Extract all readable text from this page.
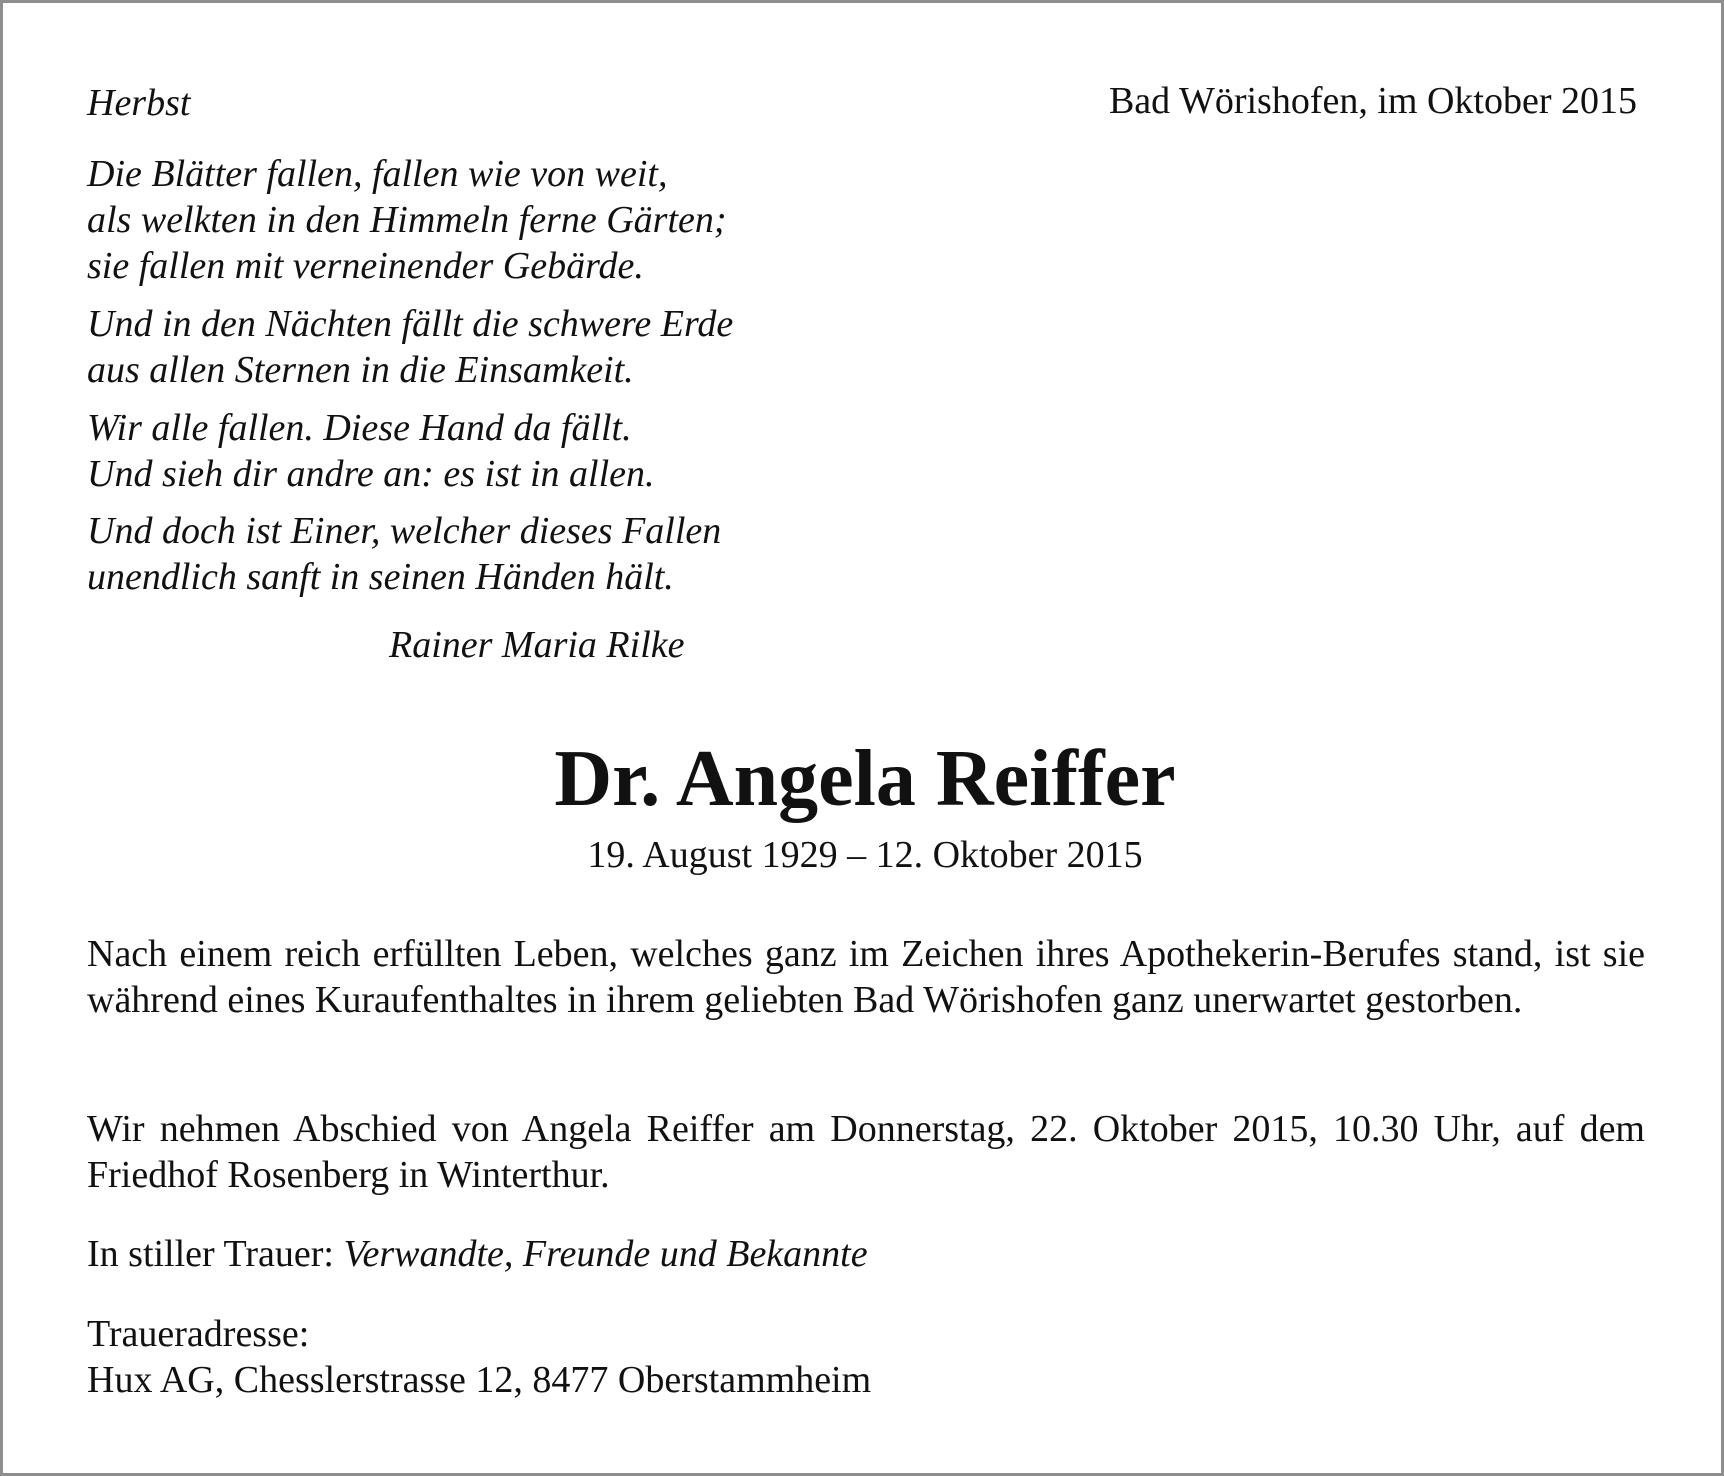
Herbst	Bad Wörishofen, im Oktober 2015

Die Blätter fallen, fallen wie von weit,
als welkten in den Himmeln ferne Gärten;
sie fallen mit verneinender Gebärde.
Und in den Nächten fällt die schwere Erde
aus allen Sternen in die Einsamkeit.
Wir alle fallen. Diese Hand da fällt.
Und sieh dir andre an: es ist in allen.
Und doch ist Einer, welcher dieses Fallen
unendlich sanft in seinen Händen hält.

Rainer Maria Rilke

Dr. Angela Reiffer

19. August 1929 – 12. Oktober 2015

Nach einem reich erfüllten Leben, welches ganz im Zeichen ihres Apothekerin-Berufes stand, ist sie während eines Kuraufenthaltes in ihrem geliebten Bad Wörishofen ganz unerwartet gestorben.

Wir nehmen Abschied von Angela Reiffer am Donnerstag, 22. Oktober 2015, 10.30 Uhr, auf dem Friedhof Rosenberg in Winterthur.

In stiller Trauer: Verwandte, Freunde und Bekannte

Traueradresse:

Hux AG, Chesslerstrasse 12, 8477 Oberstammheim
